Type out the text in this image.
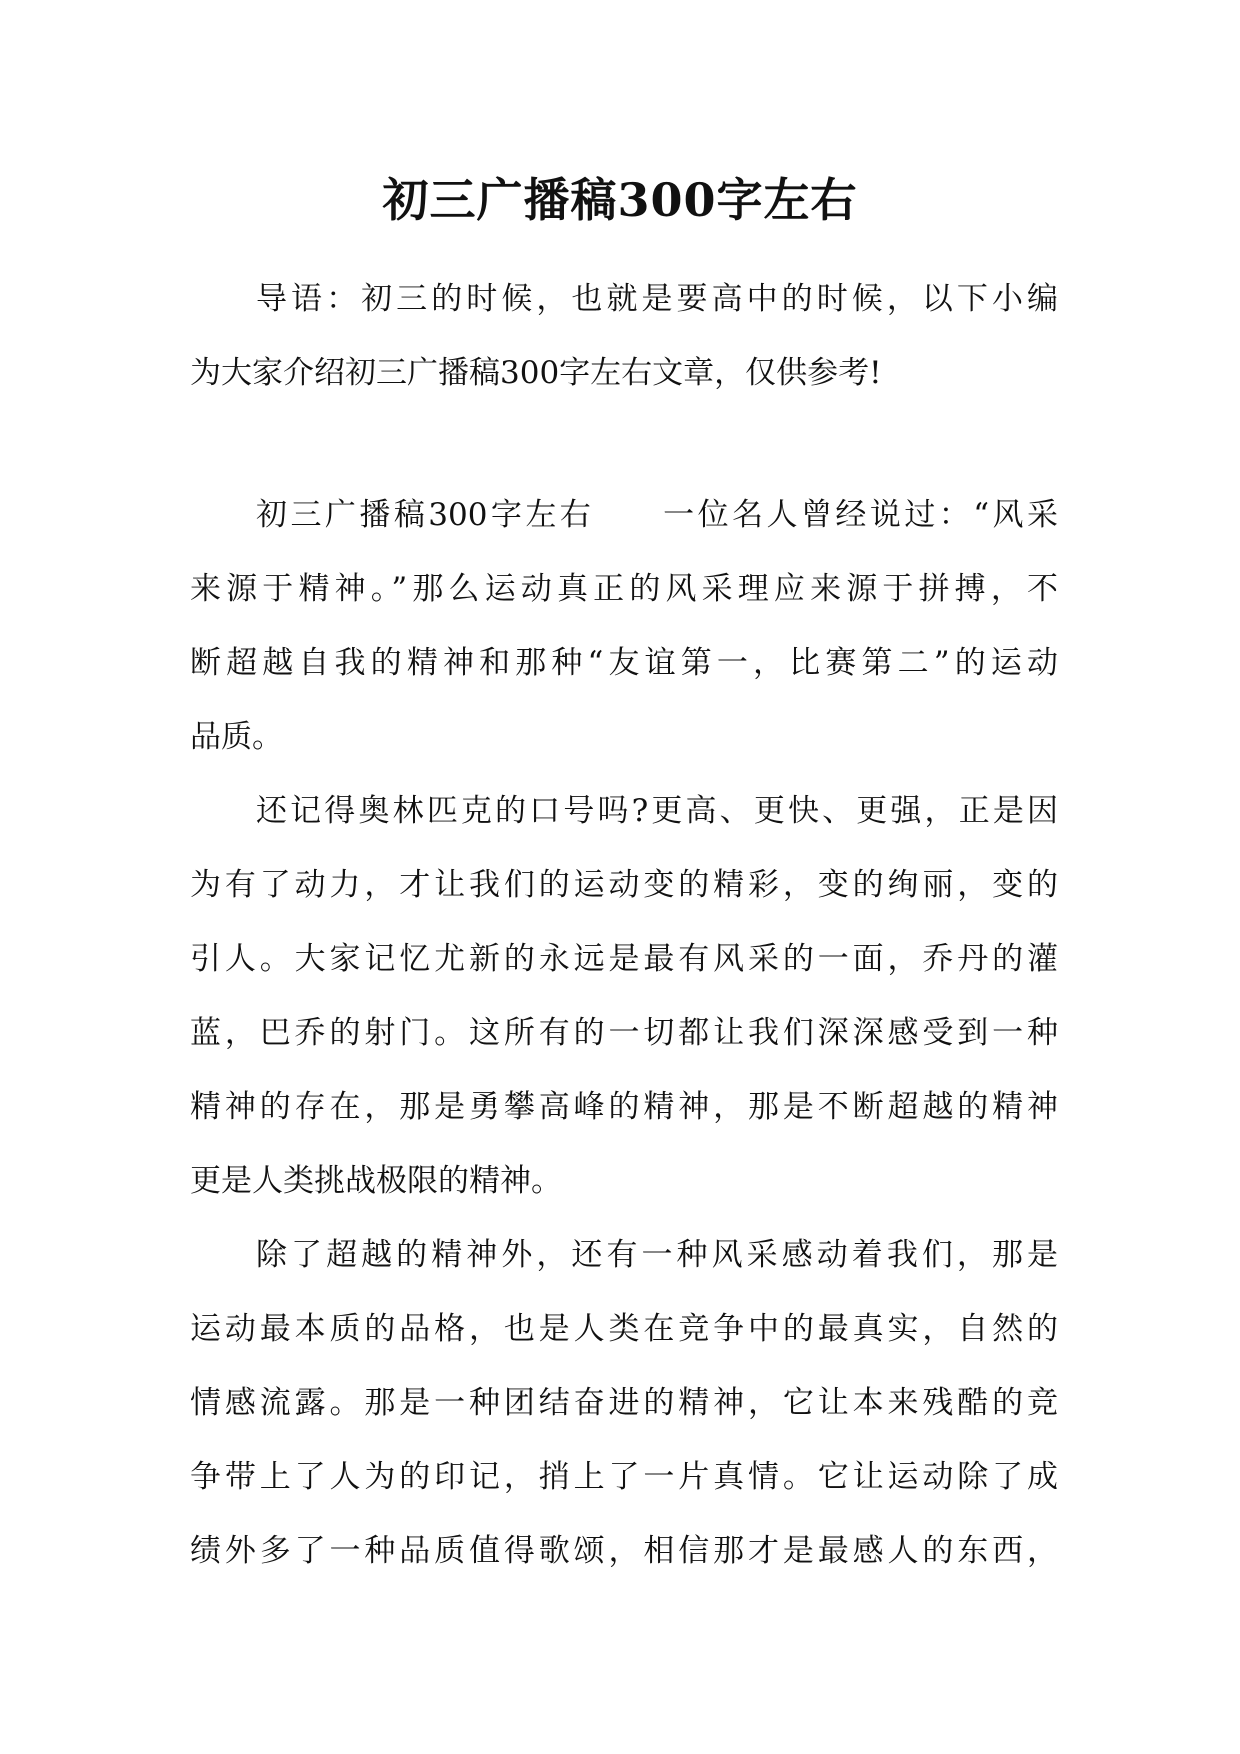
初三广播稿300字左右
导语：初三的时候，也就是要高中的时候，以下小编
为大家介绍初三广播稿300字左右文章，仅供参考!
初三广播稿300字左右　　一位名人曾经说过：“风采
来源于精神。”那么运动真正的风采理应来源于拼搏，不
断超越自我的精神和那种“友谊第一，比赛第二”的运动
品质。
还记得奥林匹克的口号吗?更高、更快、更强，正是因
为有了动力，才让我们的运动变的精彩，变的绚丽，变的
引人。大家记忆尤新的永远是最有风采的一面，乔丹的灌
蓝，巴乔的射门。这所有的一切都让我们深深感受到一种
精神的存在，那是勇攀高峰的精神，那是不断超越的精神
更是人类挑战极限的精神。
除了超越的精神外，还有一种风采感动着我们，那是
运动最本质的品格，也是人类在竞争中的最真实，自然的
情感流露。那是一种团结奋进的精神，它让本来残酷的竞
争带上了人为的印记，捎上了一片真情。它让运动除了成
绩外多了一种品质值得歌颂，相信那才是最感人的东西，
